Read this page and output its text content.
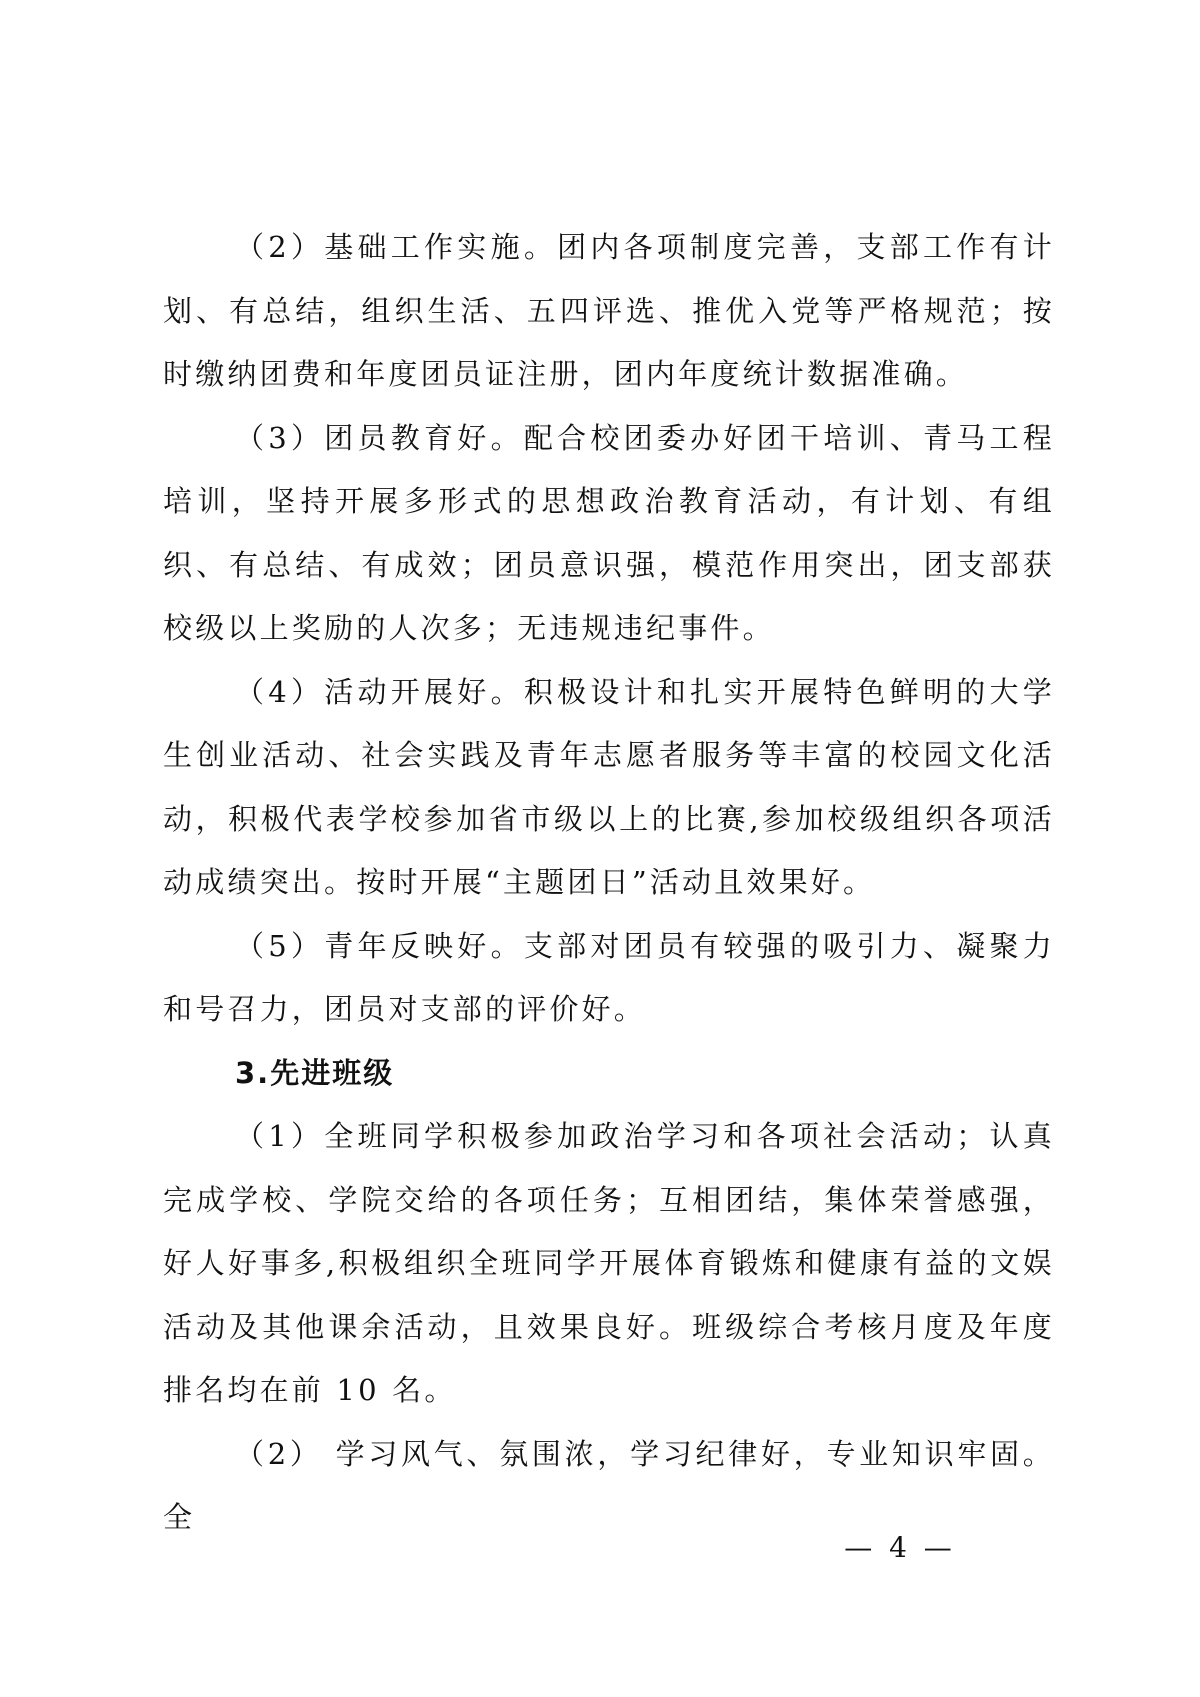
（2）基础工作实施。团内各项制度完善，支部工作有计划、有总结，组织生活、五四评选、推优入党等严格规范；按时缴纳团费和年度团员证注册，团内年度统计数据准确。

（3）团员教育好。配合校团委办好团干培训、青马工程培训，坚持开展多形式的思想政治教育活动，有计划、有组织、有总结、有成效；团员意识强，模范作用突出，团支部获校级以上奖励的人次多；无违规违纪事件。

（4）活动开展好。积极设计和扎实开展特色鲜明的大学生创业活动、社会实践及青年志愿者服务等丰富的校园文化活动，积极代表学校参加省市级以上的比赛,参加校级组织各项活动成绩突出。按时开展“主题团日”活动且效果好。

（5）青年反映好。支部对团员有较强的吸引力、凝聚力和号召力，团员对支部的评价好。

3.先进班级

（1）全班同学积极参加政治学习和各项社会活动；认真完成学校、学院交给的各项任务；互相团结，集体荣誉感强，好人好事多,积极组织全班同学开展体育锻炼和健康有益的文娱活动及其他课余活动，且效果良好。班级综合考核月度及年度排名均在前 10 名。

（2） 学习风气、氛围浓，学习纪律好，专业知识牢固。全

— 4 —
